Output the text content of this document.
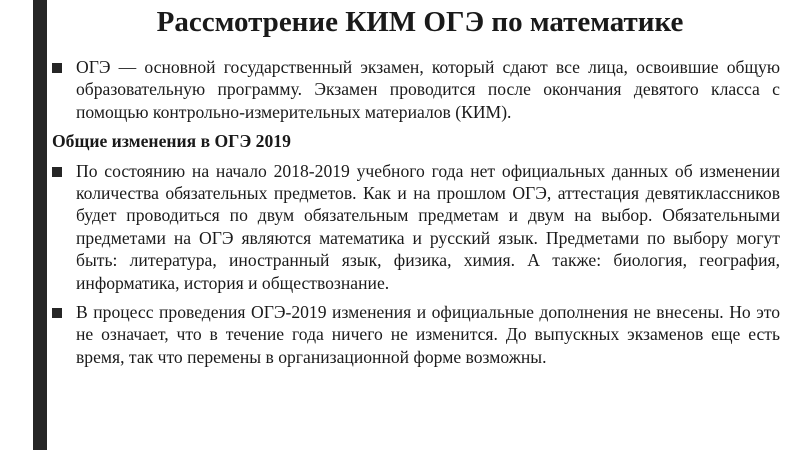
Рассмотрение КИМ ОГЭ по математике
ОГЭ — основной государственный экзамен, который сдают все лица, освоившие общую образовательную программу. Экзамен проводится после окончания девятого класса с помощью контрольно-измерительных материалов (КИМ).
Общие изменения в ОГЭ 2019
По состоянию на начало 2018-2019 учебного года нет официальных данных об изменении количества обязательных предметов. Как и на прошлом ОГЭ, аттестация девятиклассников будет проводиться по двум обязательным предметам и двум на выбор. Обязательными предметами на ОГЭ являются математика и русский язык. Предметами по выбору могут быть: литература, иностранный язык, физика, химия. А также: биология, география, информатика, история и обществознание.
В процесс проведения ОГЭ-2019 изменения и официальные дополнения не внесены. Но это не означает, что в течение года ничего не изменится. До выпускных экзаменов еще есть время, так что перемены в организационной форме возможны.
